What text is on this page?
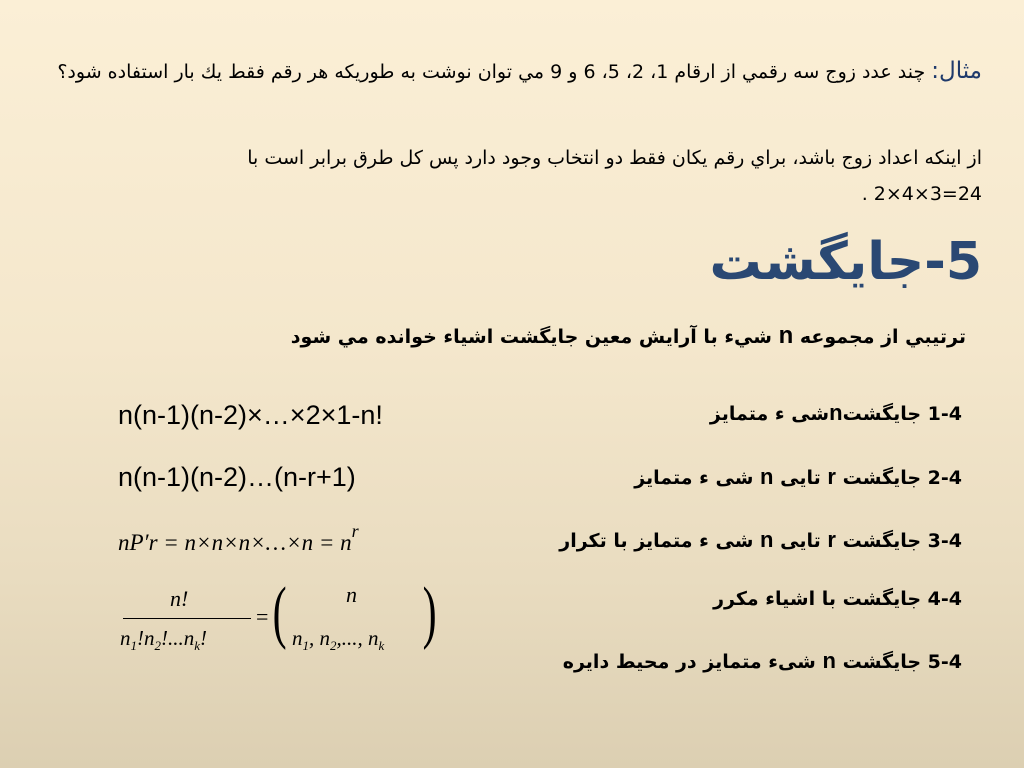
مثال: چند عدد زوج سه رقمي از ارقام 1، 2، 5، 6 و 9 مي توان نوشت به طوريكه هر رقم فقط يك بار استفاده شود؟
از اينكه اعداد زوج باشد، براي رقم يكان فقط دو انتخاب وجود دارد پس كل طرق برابر است با
. 2×4×3=24
5-جايگشت
ترتيبي از مجموعه n شيء با آرايش معين جايگشت اشياء خوانده مي شود
1-4 جایگشتnشی ء متمایز
2-4 جایگشت r تایی n شی ء متمایز
3-4 جایگشت r تایی n شی ء متمایز با تکرار
4-4 جایگشت با اشیاء مکرر
5-4 جایگشت n شیء متمایز در محیط دایره
n(n-1)(n-2)×…×2×1-n!
n(n-1)(n-2)…(n-r+1)
nP′r = n×n×n×…×n = $n^r$
n!
$n_1!n_2!...n_k$!
= (	n
$n_1$, $n_2$,..., $n_k$ )
